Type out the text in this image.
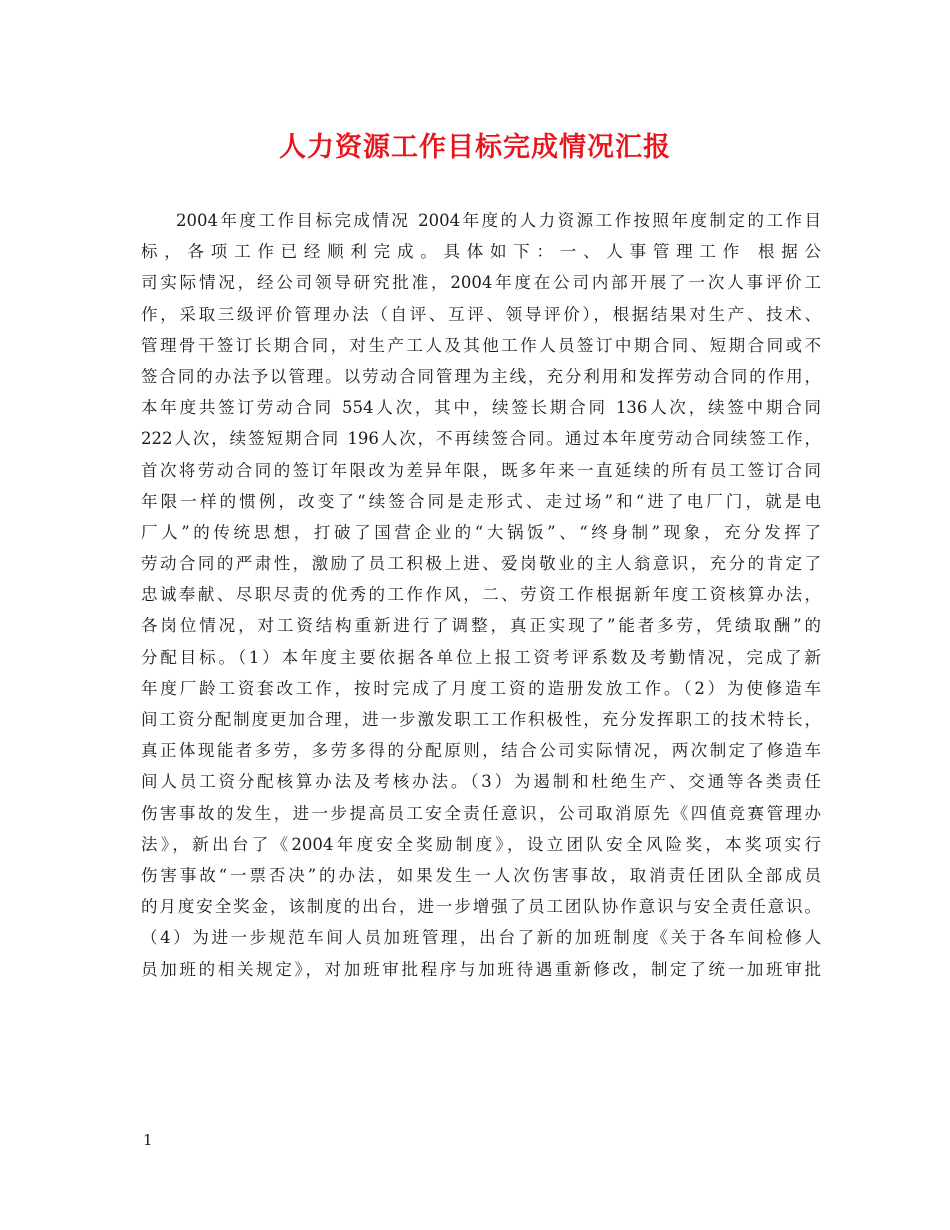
人力资源工作目标完成情况汇报
2004年度工作目标完成情况 2004年度的人力资源工作按照年度制定的工作目
标，各项工作已经顺利完成。具体如下：一、人事管理工作 根据公
司实际情况，经公司领导研究批准，2004年度在公司内部开展了一次人事评价工
作，采取三级评价管理办法（自评、互评、领导评价），根据结果对生产、技术、
管理骨干签订长期合同，对生产工人及其他工作人员签订中期合同、短期合同或不
签合同的办法予以管理。以劳动合同管理为主线，充分利用和发挥劳动合同的作用，
本年度共签订劳动合同 554人次，其中，续签长期合同 136人次，续签中期合同
222人次，续签短期合同 196人次，不再续签合同。通过本年度劳动合同续签工作，
首次将劳动合同的签订年限改为差异年限，既多年来一直延续的所有员工签订合同
年限一样的惯例，改变了“续签合同是走形式、走过场”和“进了电厂门，就是电
厂人”的传统思想，打破了国营企业的“大锅饭”、“终身制”现象，充分发挥了
劳动合同的严肃性，激励了员工积极上进、爱岗敬业的主人翁意识，充分的肯定了
忠诚奉献、尽职尽责的优秀的工作作风，二、劳资工作根据新年度工资核算办法，
各岗位情况，对工资结构重新进行了调整，真正实现了”能者多劳，凭绩取酬”的
分配目标。（1）本年度主要依据各单位上报工资考评系数及考勤情况，完成了新
年度厂龄工资套改工作，按时完成了月度工资的造册发放工作。（2）为使修造车
间工资分配制度更加合理，进一步激发职工工作积极性，充分发挥职工的技术特长，
真正体现能者多劳，多劳多得的分配原则，结合公司实际情况，两次制定了修造车
间人员工资分配核算办法及考核办法。（3）为遏制和杜绝生产、交通等各类责任
伤害事故的发生，进一步提高员工安全责任意识，公司取消原先《四值竞赛管理办
法》，新出台了《2004年度安全奖励制度》，设立团队安全风险奖，本奖项实行
伤害事故“一票否决”的办法，如果发生一人次伤害事故，取消责任团队全部成员
的月度安全奖金，该制度的出台，进一步增强了员工团队协作意识与安全责任意识。
（4）为进一步规范车间人员加班管理，出台了新的加班制度《关于各车间检修人
员加班的相关规定》，对加班审批程序与加班待遇重新修改，制定了统一加班审批
1
